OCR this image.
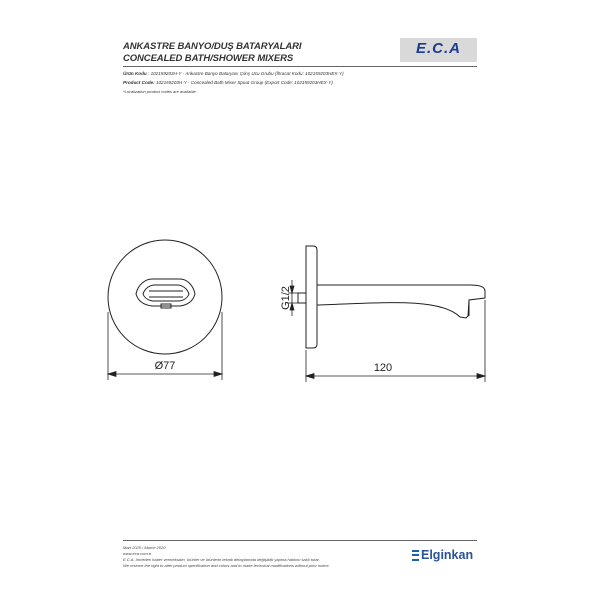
ANKASTRE BANYO/DUŞ BATARYALARI
CONCEALED BATH/SHOWER MIXERS
E.C.A
Ürün Kodu : 102159203H-Y - Ankastre Banyo Bataryası Çıkış Ucu Grubu (İhracat Kodu: 102159203HEX-Y)
Product Code: 102159203H-Y - Concealed Bath Mixer Spout Group (Export Code: 102159203HEX-Y)
*Localization product codes are available.
Ø77
G1/2
120
Mart 2020 / March 2020
www.eca.com.tr
E.C.A. önceden haber vermeksizin, ürünler ve ürünlerin teknik detaylarında değişiklik yapma hakkını saklı tutar.
We reserve the right to alter product specification and colors and to make technical modifications without prior notice.
Elginkan
